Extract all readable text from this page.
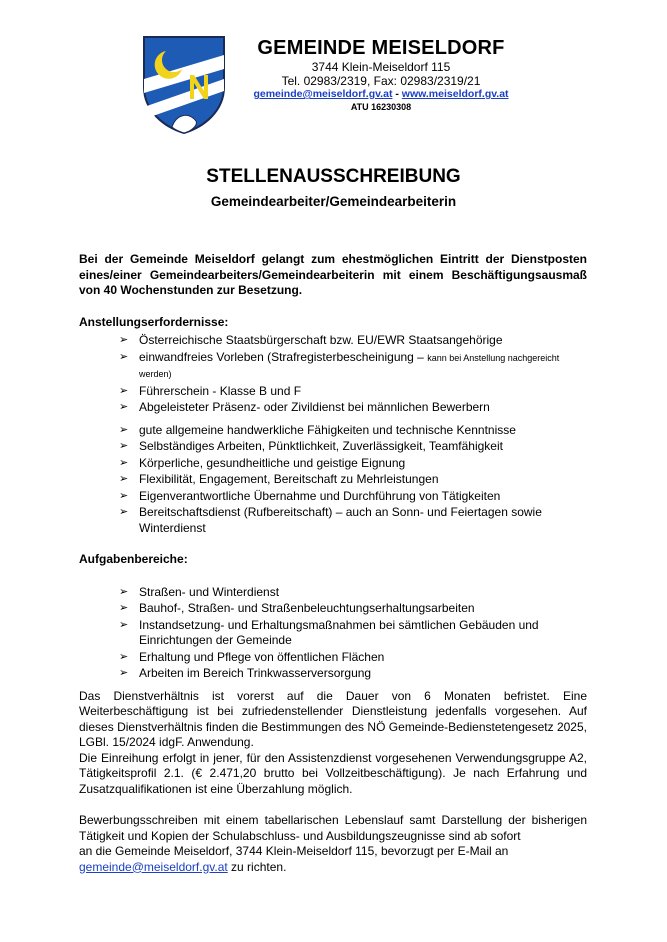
GEMEINDE MEISELDORF
3744 Klein-Meiseldorf 115
Tel. 02983/2319, Fax: 02983/2319/21
gemeinde@meiseldorf.gv.at - www.meiseldorf.gv.at
ATU 16230308
STELLENAUSSCHREIBUNG
Gemeindearbeiter/Gemeindearbeiterin

Bei der Gemeinde Meiseldorf gelangt zum ehestmöglichen Eintritt der Dienstposten eines/einer Gemeindearbeiters/Gemeindearbeiterin mit einem Beschäftigungsausmaß von 40 Wochenstunden zur Besetzung.

Anstellungserfordernisse:
➢ Österreichische Staatsbürgerschaft bzw. EU/EWR Staatsangehörige
➢ einwandfreies Vorleben (Strafregisterbescheinigung – kann bei Anstellung nachgereicht werden)
➢ Führerschein - Klasse B und F
➢ Abgeleisteter Präsenz- oder Zivildienst bei männlichen Bewerbern
➢ gute allgemeine handwerkliche Fähigkeiten und technische Kenntnisse
➢ Selbständiges Arbeiten, Pünktlichkeit, Zuverlässigkeit, Teamfähigkeit
➢ Körperliche, gesundheitliche und geistige Eignung
➢ Flexibilität, Engagement, Bereitschaft zu Mehrleistungen
➢ Eigenverantwortliche Übernahme und Durchführung von Tätigkeiten
➢ Bereitschaftsdienst (Rufbereitschaft) – auch an Sonn- und Feiertagen sowie Winterdienst
Aufgabenbereiche:
➢ Straßen- und Winterdienst
➢ Bauhof-, Straßen- und Straßenbeleuchtungserhaltungsarbeiten
➢ Instandsetzung- und Erhaltungsmaßnahmen bei sämtlichen Gebäuden und Einrichtungen der Gemeinde
➢ Erhaltung und Pflege von öffentlichen Flächen
➢ Arbeiten im Bereich Trinkwasserversorgung

Das Dienstverhältnis ist vorerst auf die Dauer von 6 Monaten befristet. Eine Weiterbeschäftigung ist bei zufriedenstellender Dienstleistung jedenfalls vorgesehen. Auf dieses Dienstverhältnis finden die Bestimmungen des NÖ Gemeinde-Bedienstetengesetz 2025, LGBl. 15/2024 idgF. Anwendung.

Die Einreihung erfolgt in jener, für den Assistenzdienst vorgesehenen Verwendungsgruppe A2, Tätigkeitsprofil 2.1. (€ 2.471,20 brutto bei Vollzeitbeschäftigung). Je nach Erfahrung und Zusatzqualifikationen ist eine Überzahlung möglich.

Bewerbungsschreiben mit einem tabellarischen Lebenslauf samt Darstellung der bisherigen Tätigkeit und Kopien der Schulabschluss- und Ausbildungszeugnisse sind ab sofort

an die Gemeinde Meiseldorf, 3744 Klein-Meiseldorf 115, bevorzugt per E-Mail an

gemeinde@meiseldorf.gv.at zu richten.
